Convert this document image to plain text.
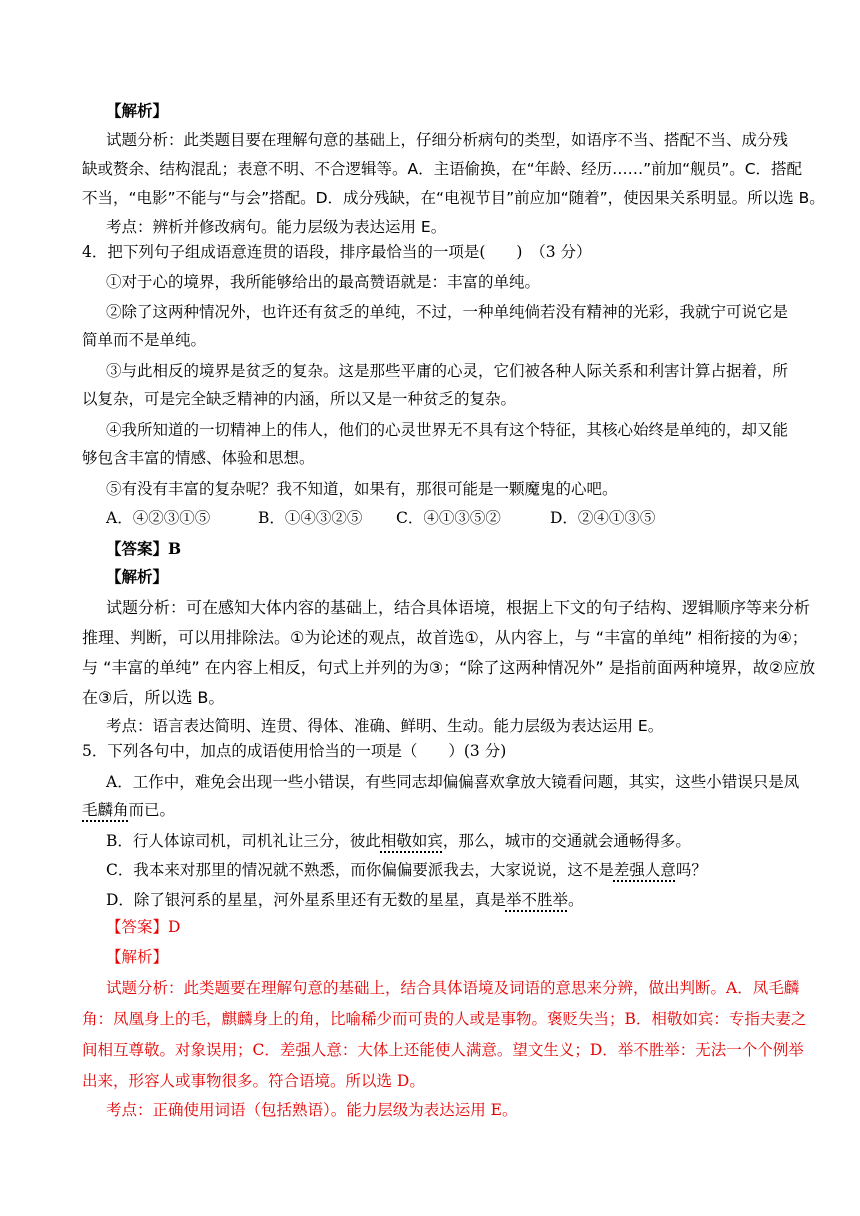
【解析】
试题分析：此类题目要在理解句意的基础上，仔细分析病句的类型，如语序不当、搭配不当、成分残
缺或赘余、结构混乱；表意不明、不合逻辑等。A．主语偷换，在“年龄、经历……”前加“舰员”。C．搭配
不当，“电影”不能与“与会”搭配。D．成分残缺，在“电视节目”前应加“随着”，使因果关系明显。所以选 B。
考点：辨析并修改病句。能力层级为表达运用 E。
4．把下列句子组成语意连贯的语段，排序最恰当的一项是(　　)　（3 分）
①对于心的境界，我所能够给出的最高赞语就是：丰富的单纯。
②除了这两种情况外，也许还有贫乏的单纯，不过，一种单纯倘若没有精神的光彩，我就宁可说它是
简单而不是单纯。
③与此相反的境界是贫乏的复杂。这是那些平庸的心灵，它们被各种人际关系和利害计算占据着，所
以复杂，可是完全缺乏精神的内涵，所以又是一种贫乏的复杂。
④我所知道的一切精神上的伟人，他们的心灵世界无不具有这个特征，其核心始终是单纯的，却又能
够包含丰富的情感、体验和思想。
⑤有没有丰富的复杂呢？我不知道，如果有，那很可能是一颗魔鬼的心吧。
A．④②③①⑤	B．①④③②⑤ C．④①③⑤②	D．②④①③⑤
【答案】B
【解析】
试题分析：可在感知大体内容的基础上，结合具体语境，根据上下文的句子结构、逻辑顺序等来分析
推理、判断，可以用排除法。①为论述的观点，故首选①，从内容上，与 “丰富的单纯” 相衔接的为④；
与 “丰富的单纯” 在内容上相反，句式上并列的为③；“除了这两种情况外” 是指前面两种境界，故②应放
在③后，所以选 B。
考点：语言表达简明、连贯、得体、准确、鲜明、生动。能力层级为表达运用 E。
5．下列各句中，加点的成语使用恰当的一项是（　　）(3 分)
A．工作中，难免会出现一些小错误，有些同志却偏偏喜欢拿放大镜看问题，其实，这些小错误只是凤
毛麟角而已。
B．行人体谅司机，司机礼让三分，彼此相敬如宾，那么，城市的交通就会通畅得多。
C．我本来对那里的情况就不熟悉，而你偏偏要派我去，大家说说，这不是差强人意吗？
D．除了银河系的星星，河外星系里还有无数的星星，真是举不胜举。
【答案】D
【解析】
试题分析：此类题要在理解句意的基础上，结合具体语境及词语的意思来分辨，做出判断。A．凤毛麟
角：凤凰身上的毛，麒麟身上的角，比喻稀少而可贵的人或是事物。褒贬失当；B．相敬如宾：专指夫妻之
间相互尊敬。对象误用；C．差强人意：大体上还能使人满意。望文生义；D．举不胜举：无法一个个例举
出来，形容人或事物很多。符合语境。所以选 D。
考点：正确使用词语（包括熟语）。能力层级为表达运用 E。
